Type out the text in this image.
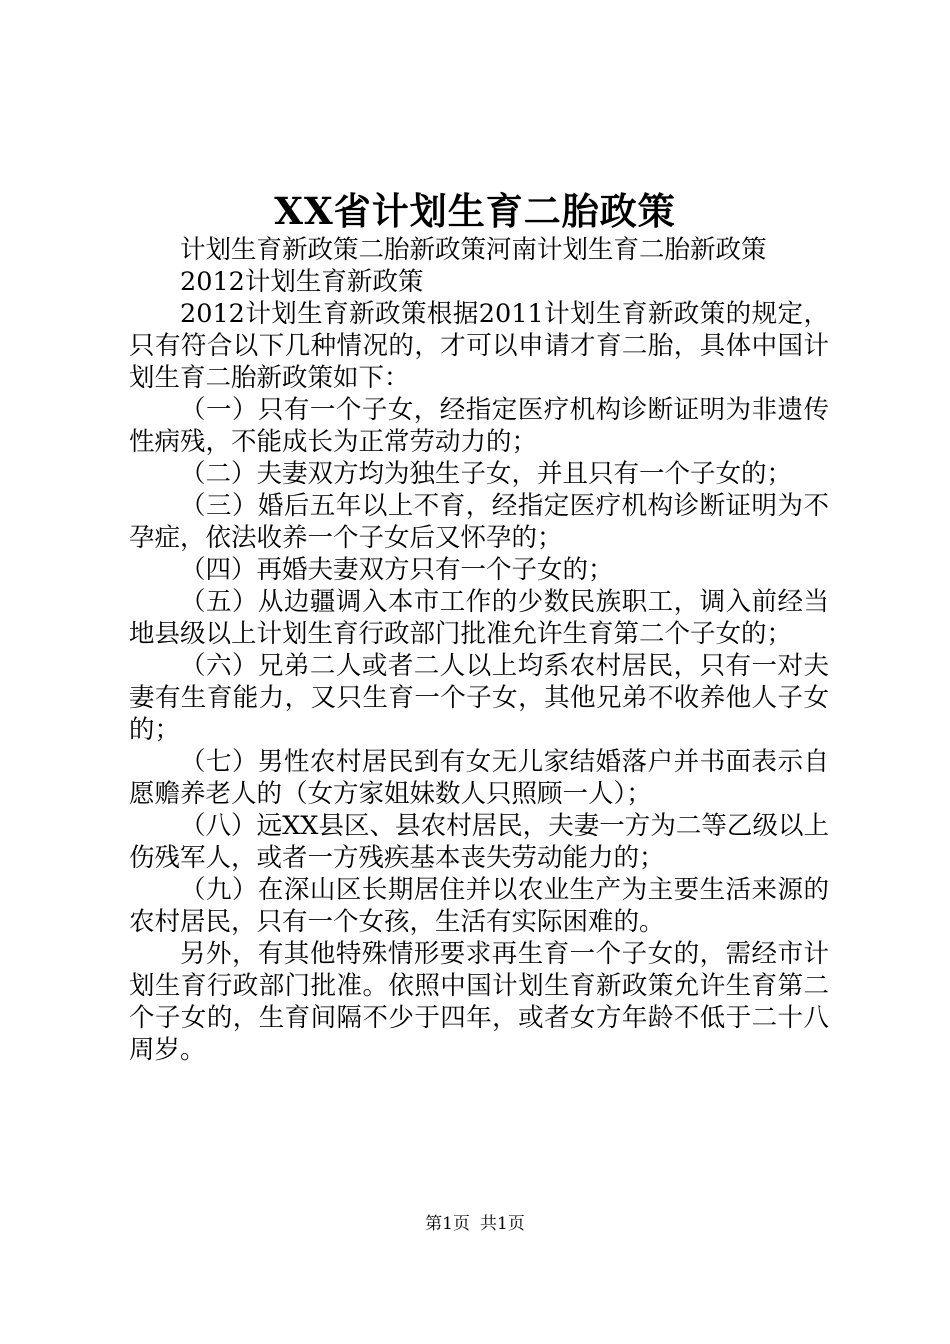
XX省计划生育二胎政策

计划生育新政策二胎新政策河南计划生育二胎新政策

2012计划生育新政策

2012计划生育新政策根据2011计划生育新政策的规定，只有符合以下几种情况的，才可以申请才育二胎，具体中国计划生育二胎新政策如下：

（一）只有一个子女，经指定医疗机构诊断证明为非遗传性病残，不能成长为正常劳动力的；

（二）夫妻双方均为独生子女，并且只有一个子女的；

（三）婚后五年以上不育，经指定医疗机构诊断证明为不孕症，依法收养一个子女后又怀孕的；

（四）再婚夫妻双方只有一个子女的；

（五）从边疆调入本市工作的少数民族职工，调入前经当地县级以上计划生育行政部门批准允许生育第二个子女的；

（六）兄弟二人或者二人以上均系农村居民，只有一对夫妻有生育能力，又只生育一个子女，其他兄弟不收养他人子女的；

（七）男性农村居民到有女无儿家结婚落户并书面表示自愿赡养老人的（女方家姐妹数人只照顾一人）；

（八）远XX县区、县农村居民，夫妻一方为二等乙级以上伤残军人，或者一方残疾基本丧失劳动能力的；

（九）在深山区长期居住并以农业生产为主要生活来源的农村居民，只有一个女孩，生活有实际困难的。

另外，有其他特殊情形要求再生育一个子女的，需经市计划生育行政部门批准。依照中国计划生育新政策允许生育第二个子女的，生育间隔不少于四年，或者女方年龄不低于二十八周岁。

第1页 共1页
